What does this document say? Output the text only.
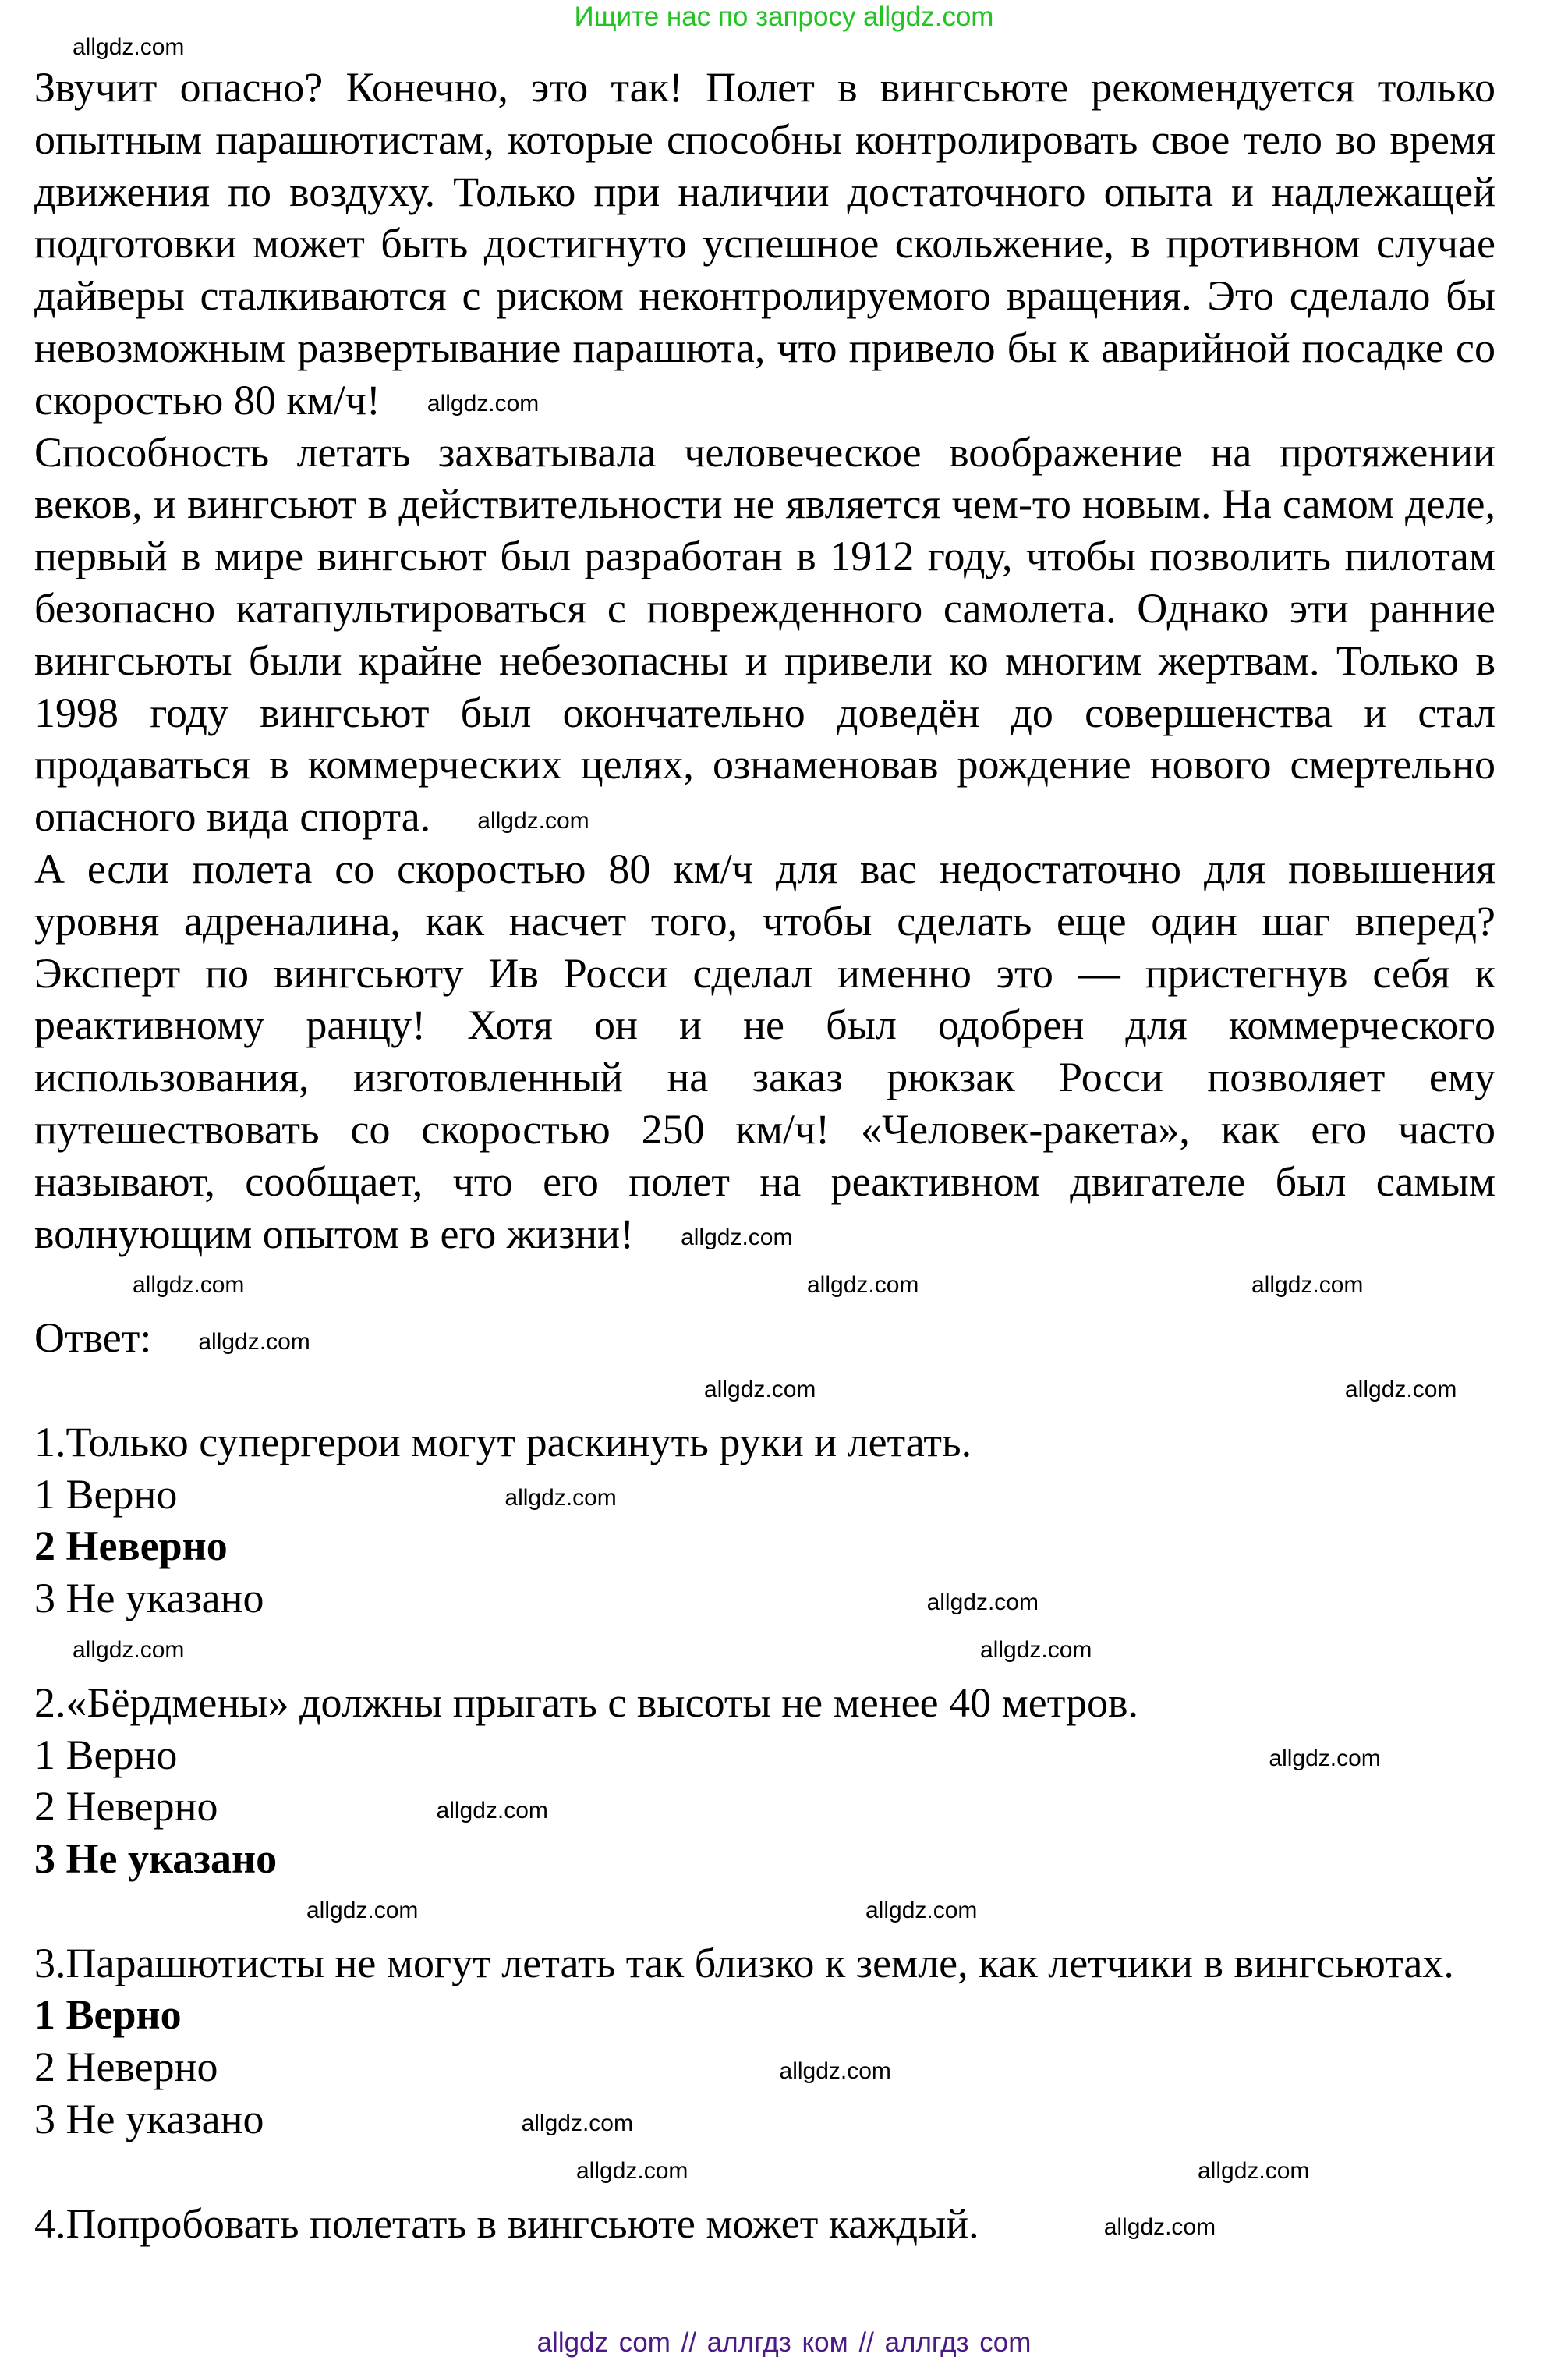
Ищите нас по запросу allgdz.com
allgdz.com

Звучит опасно? Конечно, это так! Полет в вингсьюте рекомендуется только опытным парашютистам, которые способны контролировать свое тело во время движения по воздуху. Только при наличии достаточного опыта и надлежащей подготовки может быть достигнуто успешное скольжение, в противном случае дайверы сталкиваются с риском неконтролируемого вращения. Это сделало бы невозможным развертывание парашюта, что привело бы к аварийной посадке со скоростью 80 км/ч! allgdz.com

Способность летать захватывала человеческое воображение на протяжении веков, и вингсьют в действительности не является чем-то новым. На самом деле, первый в мире вингсьют был разработан в 1912 году, чтобы позволить пилотам безопасно катапультироваться с поврежденного самолета. Однако эти ранние вингсьюты были крайне небезопасны и привели ко многим жертвам. Только в 1998 году вингсьют был окончательно доведён до совершенства и стал продаваться в коммерческих целях, ознаменовав рождение нового смертельно опасного вида спорта. allgdz.com

А если полета со скоростью 80 км/ч для вас недостаточно для повышения уровня адреналина, как насчет того, чтобы сделать еще один шаг вперед? Эксперт по вингсьюту Ив Росси сделал именно это — пристегнув себя к реактивному ранцу! Хотя он и не был одобрен для коммерческого использования, изготовленный на заказ рюкзак Росси позволяет ему путешествовать со скоростью 250 км/ч! «Человек-ракета», как его часто называют, сообщает, что его полет на реактивном двигателе был самым волнующим опытом в его жизни! allgdz.com

allgdz.com	allgdz.com	allgdz.com

Ответ: allgdz.com

allgdz.com	allgdz.com

1.Только супергерои могут раскинуть руки и летать.

1 Верно	allgdz.com

2 Неверно

3 Не указано	allgdz.com

allgdz.com	allgdz.com

2.«Бёрдмены» должны прыгать с высоты не менее 40 метров.

1 Верно	allgdz.com

2 Неверно	allgdz.com

3 Не указано

allgdz.com	allgdz.com

3.Парашютисты не могут летать так близко к земле, как летчики в вингсьютах.

1 Верно

2 Неверно	allgdz.com

3 Не указано	allgdz.com

allgdz.com	allgdz.com

4.Попробовать полетать в вингсьюте может каждый.	allgdz.com

allgdz com // аллгдз ком // аллгдз com
